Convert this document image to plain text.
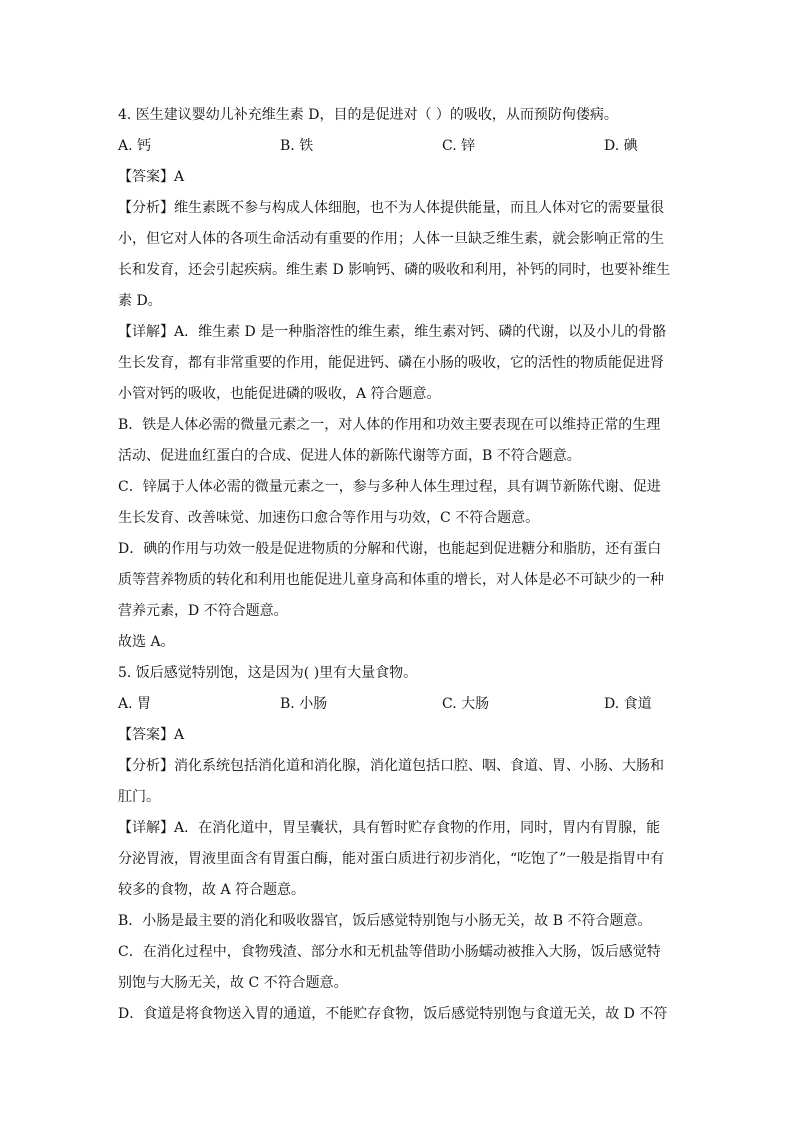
4. 医生建议婴幼儿补充维生素 D，目的是促进对（ ）的吸收，从而预防佝偻病。
A. 钙	B. 铁	C. 锌	D. 碘
【答案】A
【分析】维生素既不参与构成人体细胞，也不为人体提供能量，而且人体对它的需要量很
小，但它对人体的各项生命活动有重要的作用；人体一旦缺乏维生素，就会影响正常的生
长和发育，还会引起疾病。维生素 D 影响钙、磷的吸收和利用，补钙的同时，也要补维生
素 D。
【详解】A．维生素 D 是一种脂溶性的维生素，维生素对钙、磷的代谢，以及小儿的骨骼
生长发育，都有非常重要的作用，能促进钙、磷在小肠的吸收，它的活性的物质能促进肾
小管对钙的吸收，也能促进磷的吸收，A 符合题意。
B．铁是人体必需的微量元素之一，对人体的作用和功效主要表现在可以维持正常的生理
活动、促进血红蛋白的合成、促进人体的新陈代谢等方面，B 不符合题意。
C．锌属于人体必需的微量元素之一，参与多种人体生理过程，具有调节新陈代谢、促进
生长发育、改善味觉、加速伤口愈合等作用与功效，C 不符合题意。
D．碘的作用与功效一般是促进物质的分解和代谢，也能起到促进糖分和脂肪，还有蛋白
质等营养物质的转化和利用也能促进儿童身高和体重的增长，对人体是必不可缺少的一种
营养元素，D 不符合题意。
故选 A。
5. 饭后感觉特别饱，这是因为( )里有大量食物。
A. 胃	B. 小肠	C. 大肠	D. 食道
【答案】A
【分析】消化系统包括消化道和消化腺，消化道包括口腔、咽、食道、胃、小肠、大肠和
肛门。
【详解】A．在消化道中，胃呈囊状，具有暂时贮存食物的作用，同时，胃内有胃腺，能
分泌胃液，胃液里面含有胃蛋白酶，能对蛋白质进行初步消化，“吃饱了”一般是指胃中有
较多的食物，故 A 符合题意。
B．小肠是最主要的消化和吸收器官，饭后感觉特别饱与小肠无关，故 B 不符合题意。
C．在消化过程中，食物残渣、部分水和无机盐等借助小肠蠕动被推入大肠，饭后感觉特
别饱与大肠无关，故 C 不符合题意。
D．食道是将食物送入胃的通道，不能贮存食物，饭后感觉特别饱与食道无关，故 D 不符
